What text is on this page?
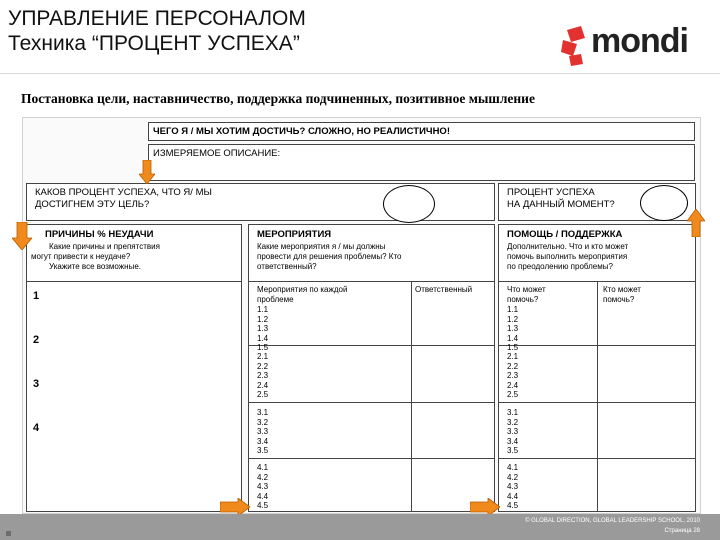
УПРАВЛЕНИЕ ПЕРСОНАЛОМ
Техника “ПРОЦЕНТ УСПЕХА”	mondi
Постановка цели, наставничество, поддержка подчиненных, позитивное мышление
ЧЕГО Я / МЫ ХОТИМ ДОСТИЧЬ? СЛОЖНО, НО РЕАЛИСТИЧНО!
ИЗМЕРЯЕМОЕ ОПИСАНИЕ:
КАКОВ ПРОЦЕНТ УСПЕХА, ЧТО Я/ МЫ
ДОСТИГНЕМ ЭТУ ЦЕЛЬ?
ПРОЦЕНТ УСПЕХА
НА ДАННЫЙ МОМЕНТ?
ПРИЧИНЫ % НЕУДАЧИ
Какие причины и препятствия
могут привести к неудаче?
Укажите все возможные.
1
2
3
4
МЕРОПРИЯТИЯ
Какие мероприятия я / мы должны
провести для решения проблемы? Кто
ответственный?
Мероприятия по каждой
проблеме
Ответственный
1.1
1.2
1.3
1.4
1.5
2.1
2.2
2.3
2.4
2.5
3.1
3.2
3.3
3.4
3.5
4.1
4.2
4.3
4.4
4.5
ПОМОЩЬ / ПОДДЕРЖКА
Дополнительно. Что и кто может
помочь выполнить мероприятия
по преодолению проблемы?
Что может
помочь?
Кто может
помочь?
1.1
1.2
1.3
1.4
1.5
2.1
2.2
2.3
2.4
2.5
3.1
3.2
3.3
3.4
3.5
4.1
4.2
4.3
4.4
4.5
© GLOBAL DIRECTION, GLOBAL LEADERSHIP SCHOOL, 2010
Страница 28
